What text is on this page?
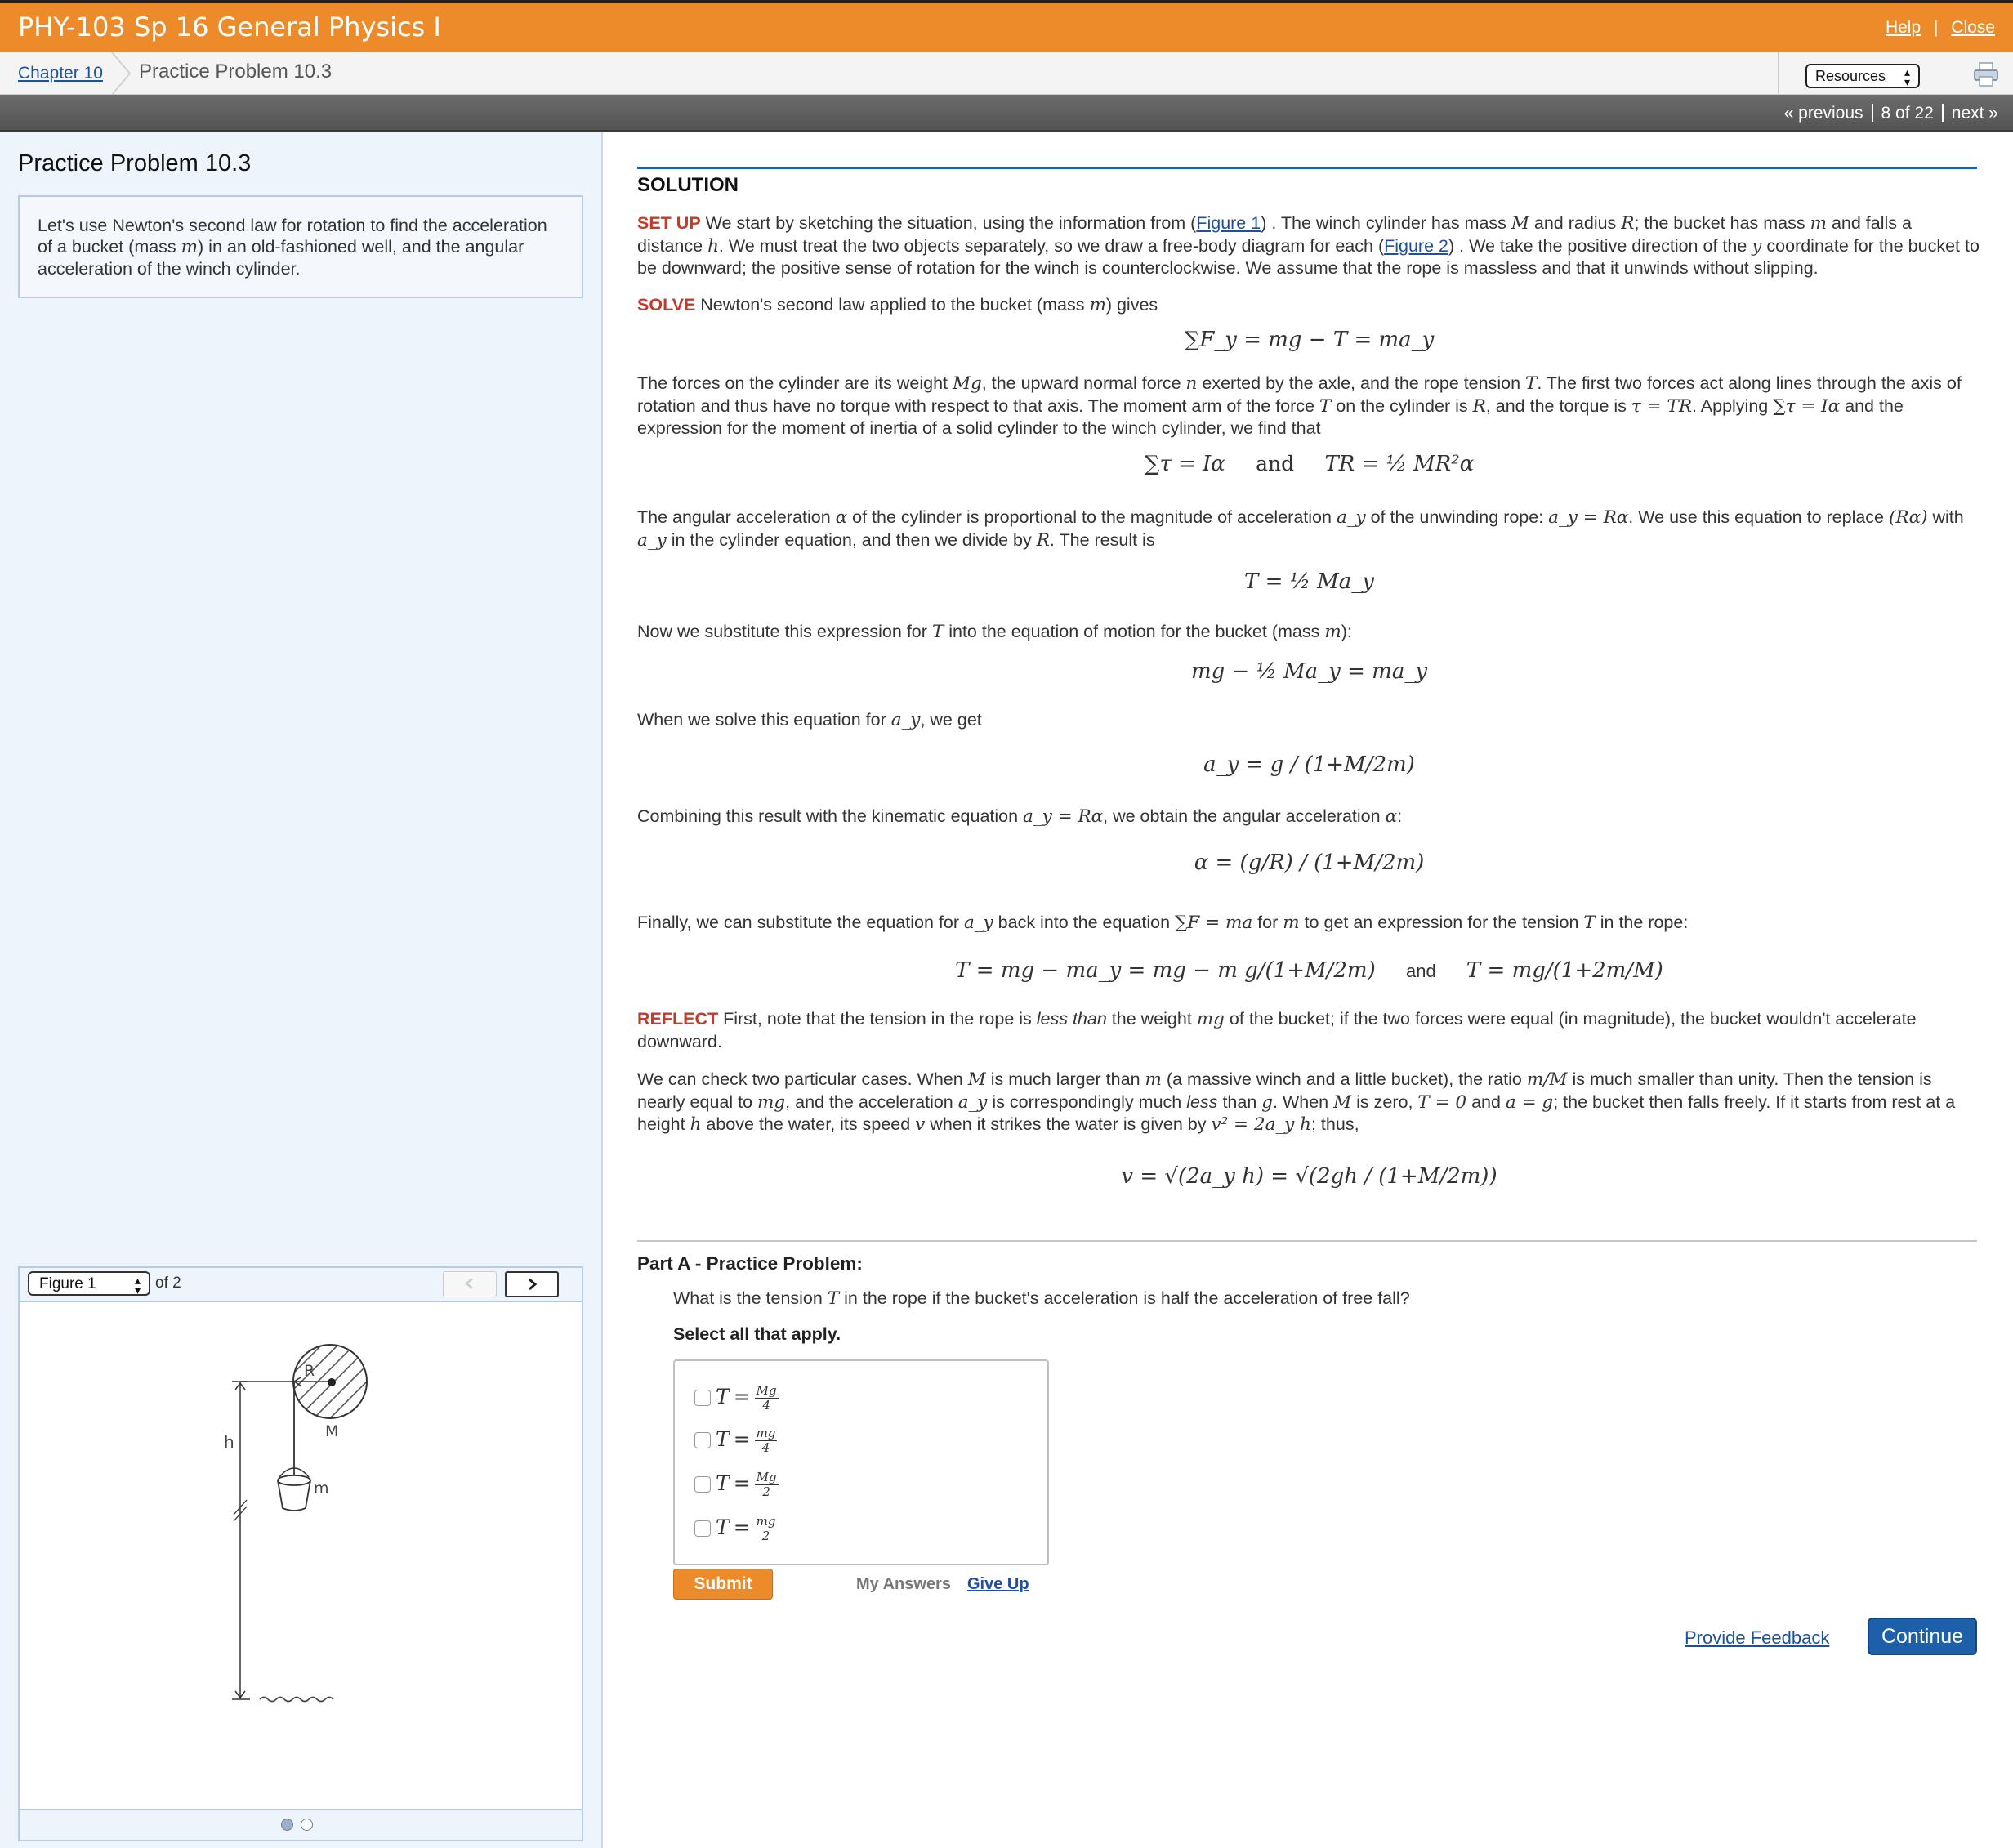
PHY-103 Sp 16 General Physics I	Help | Close
Chapter 10 Practice Problem 10.3	Resources ▴
▾
« previous 8 of 22 next »
Practice Problem 10.3
Let's use Newton's second law for rotation to find the acceleration of a bucket (mass m) in an old-fashioned well, and the angular acceleration of the winch cylinder.
Figure 1	▴
▾ of 2
R
M
h
m
SOLUTION
SET UP We start by sketching the situation, using the information from (Figure 1) . The winch cylinder has mass M and radius R; the bucket has mass m and falls a distance h. We must treat the two objects separately, so we draw a free-body diagram for each (Figure 2) . We take the positive direction of the y coordinate for the bucket to be downward; the positive sense of rotation for the winch is counterclockwise. We assume that the rope is massless and that it unwinds without slipping.
SOLVE Newton's second law applied to the bucket (mass m) gives
∑F_y = mg − T = ma_y
The forces on the cylinder are its weight Mg, the upward normal force n exerted by the axle, and the rope tension T. The first two forces act along lines through the axis of rotation and thus have no torque with respect to that axis. The moment arm of the force T on the cylinder is R, and the torque is τ = TR. Applying ∑τ = Iα and the expression for the moment of inertia of a solid cylinder to the winch cylinder, we find that
∑τ = Iα and TR = ½ MR²α
The angular acceleration α of the cylinder is proportional to the magnitude of acceleration a_y of the unwinding rope: a_y = Rα. We use this equation to replace (Rα) with a_y in the cylinder equation, and then we divide by R. The result is
T = ½ Ma_y
Now we substitute this expression for T into the equation of motion for the bucket (mass m):
mg − ½ Ma_y = ma_y
When we solve this equation for a_y, we get
a_y = g / (1+M/2m)
Combining this result with the kinematic equation a_y = Rα, we obtain the angular acceleration α:
α = (g/R) / (1+M/2m)
Finally, we can substitute the equation for a_y back into the equation ∑F = ma for m to get an expression for the tension T in the rope:
T = mg − ma_y = mg − m g/(1+M/2m) and T = mg/(1+2m/M)
REFLECT First, note that the tension in the rope is less than the weight mg of the bucket; if the two forces were equal (in magnitude), the bucket wouldn't accelerate downward.
We can check two particular cases. When M is much larger than m (a massive winch and a little bucket), the ratio m/M is much smaller than unity. Then the tension is nearly equal to mg, and the acceleration a_y is correspondingly much less than g. When M is zero, T = 0 and a = g; the bucket then falls freely. If it starts from rest at a height h above the water, its speed v when it strikes the water is given by v² = 2a_y h; thus,
v = √(2a_y h) = √(2gh / (1+M/2m))
Part A - Practice Problem:
What is the tension T in the rope if the bucket's acceleration is half the acceleration of free fall?
Select all that apply.
$T = \frac{Mg}{4}$
$T = \frac{mg}{4}$
$T = \frac{Mg}{2}$
$T = \frac{mg}{2}$
Submit	My Answers Give Up
Provide Feedback	Continue
